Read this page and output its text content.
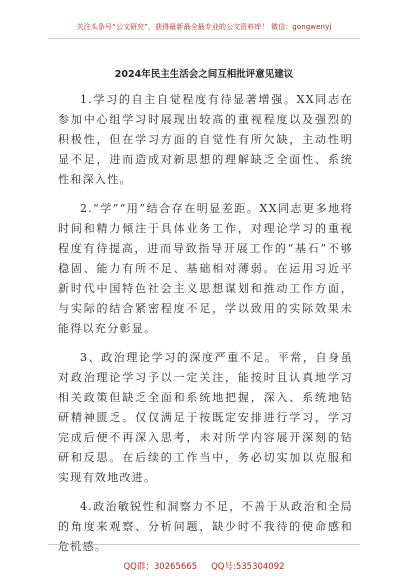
关注头条号“公文研究”，获得最新最全最专业的公文资料库！ 微信：gongwenyj
2024年民主生活会之间互相批评意见建议

1.学习的自主自觉程度有待显著增强。XX同志在参加中心组学习时展现出较高的重视程度以及强烈的积极性，但在学习方面的自觉性有所欠缺，主动性明显不足，进而造成对新思想的理解缺乏全面性、系统性和深入性。

2.“学”“用”结合存在明显差距。XX同志更多地将时间和精力倾注于具体业务工作，对理论学习的重视程度有待提高，进而导致指导开展工作的“基石”不够稳固、能力有所不足、基础相对薄弱。在运用习近平新时代中国特色社会主义思想谋划和推动工作方面，与实际的结合紧密程度不足，学以致用的实际效果未能得以充分彰显。

3、政治理论学习的深度严重不足。平常，自身虽对政治理论学习予以一定关注，能按时且认真地学习相关政策但缺乏全面和系统地把握，深入、系统地钻研精神匮乏。仅仅满足于按既定安排进行学习，学习完成后便不再深入思考，未对所学内容展开深刻的钻研和反思。在后续的工作当中，务必切实加以克服和实现有效地改进。

4.政治敏锐性和洞察力不足，不善于从政治和全局的角度来观察、分析问题，缺少时不我待的使命感和危机感。

QQ群：30265665 QQ号:535304092
